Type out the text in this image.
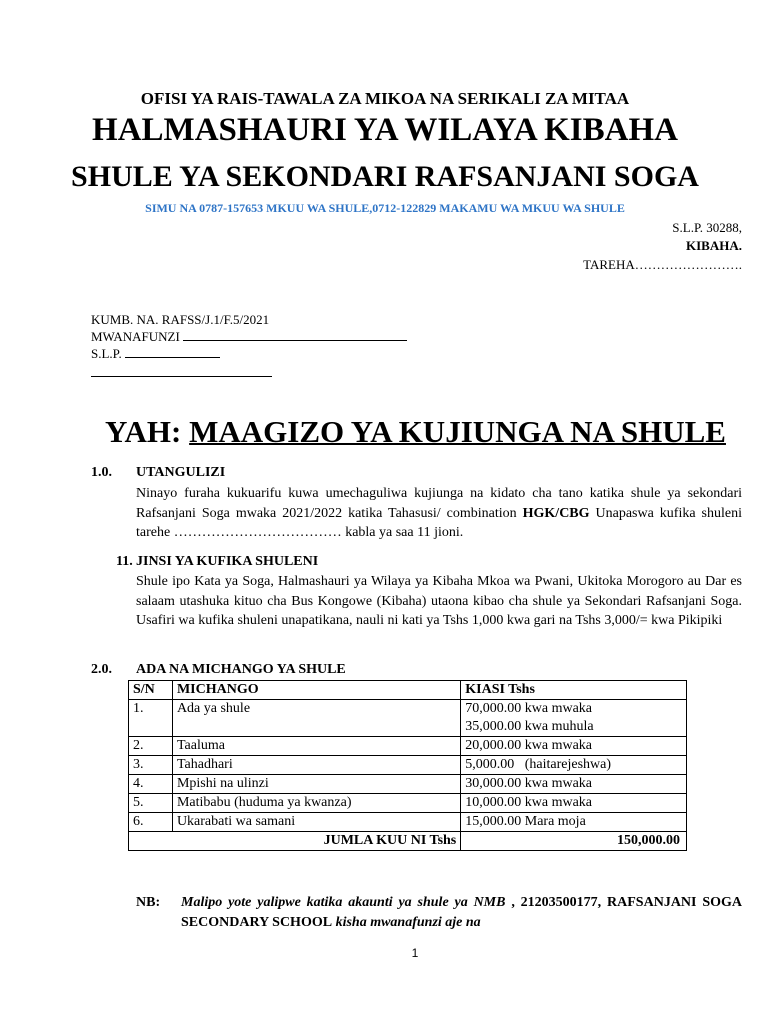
OFISI YA RAIS-TAWALA ZA MIKOA NA SERIKALI ZA MITAA
HALMASHAURI YA WILAYA KIBAHA
SHULE YA SEKONDARI RAFSANJANI SOGA
SIMU NA 0787-157653 MKUU WA SHULE,0712-122829 MAKAMU WA MKUU WA SHULE
S.L.P. 30288,
KIBAHA.
TAREHA…………………….
KUMB. NA. RAFSS/J.1/F.5/2021
MWANAFUNZI
S.L.P.
YAH: MAAGIZO YA KUJIUNGA NA SHULE
1.0. UTANGULIZI
Ninayo furaha kukuarifu kuwa umechaguliwa kujiunga na kidato cha tano katika shule ya sekondari Rafsanjani Soga mwaka 2021/2022 katika Tahasusi/ combination HGK/CBG Unapaswa kufika shuleni tarehe ……………………………… kabla ya saa 11 jioni.
11. JINSI YA KUFIKA SHULENI
Shule ipo Kata ya Soga, Halmashauri ya Wilaya ya Kibaha Mkoa wa Pwani, Ukitoka Morogoro au Dar es salaam utashuka kituo cha Bus Kongowe (Kibaha) utaona kibao cha shule ya Sekondari Rafsanjani Soga. Usafiri wa kufika shuleni unapatikana, nauli ni kati ya Tshs 1,000 kwa gari na Tshs 3,000/= kwa Pikipiki
2.0. ADA NA MICHANGO YA SHULE
S/N	MICHANGO	KIASI Tshs
1.	Ada ya shule	70,000.00 kwa mwaka
		35,000.00 kwa muhula
2.	Taaluma	20,000.00 kwa mwaka
3.	Tahadhari	5,000.00   (haitarejeshwa)
4.	Mpishi na ulinzi	30,000.00 kwa mwaka
5.	Matibabu (huduma ya kwanza)	10,000.00 kwa mwaka
6.	Ukarabati wa samani	15,000.00 Mara moja
JUMLA KUU NI Tshs		150,000.00
NB: Malipo yote yalipwe katika akaunti ya shule ya NMB , 21203500177, RAFSANJANI SOGA SECONDARY SCHOOL kisha mwanafunzi aje na
1
